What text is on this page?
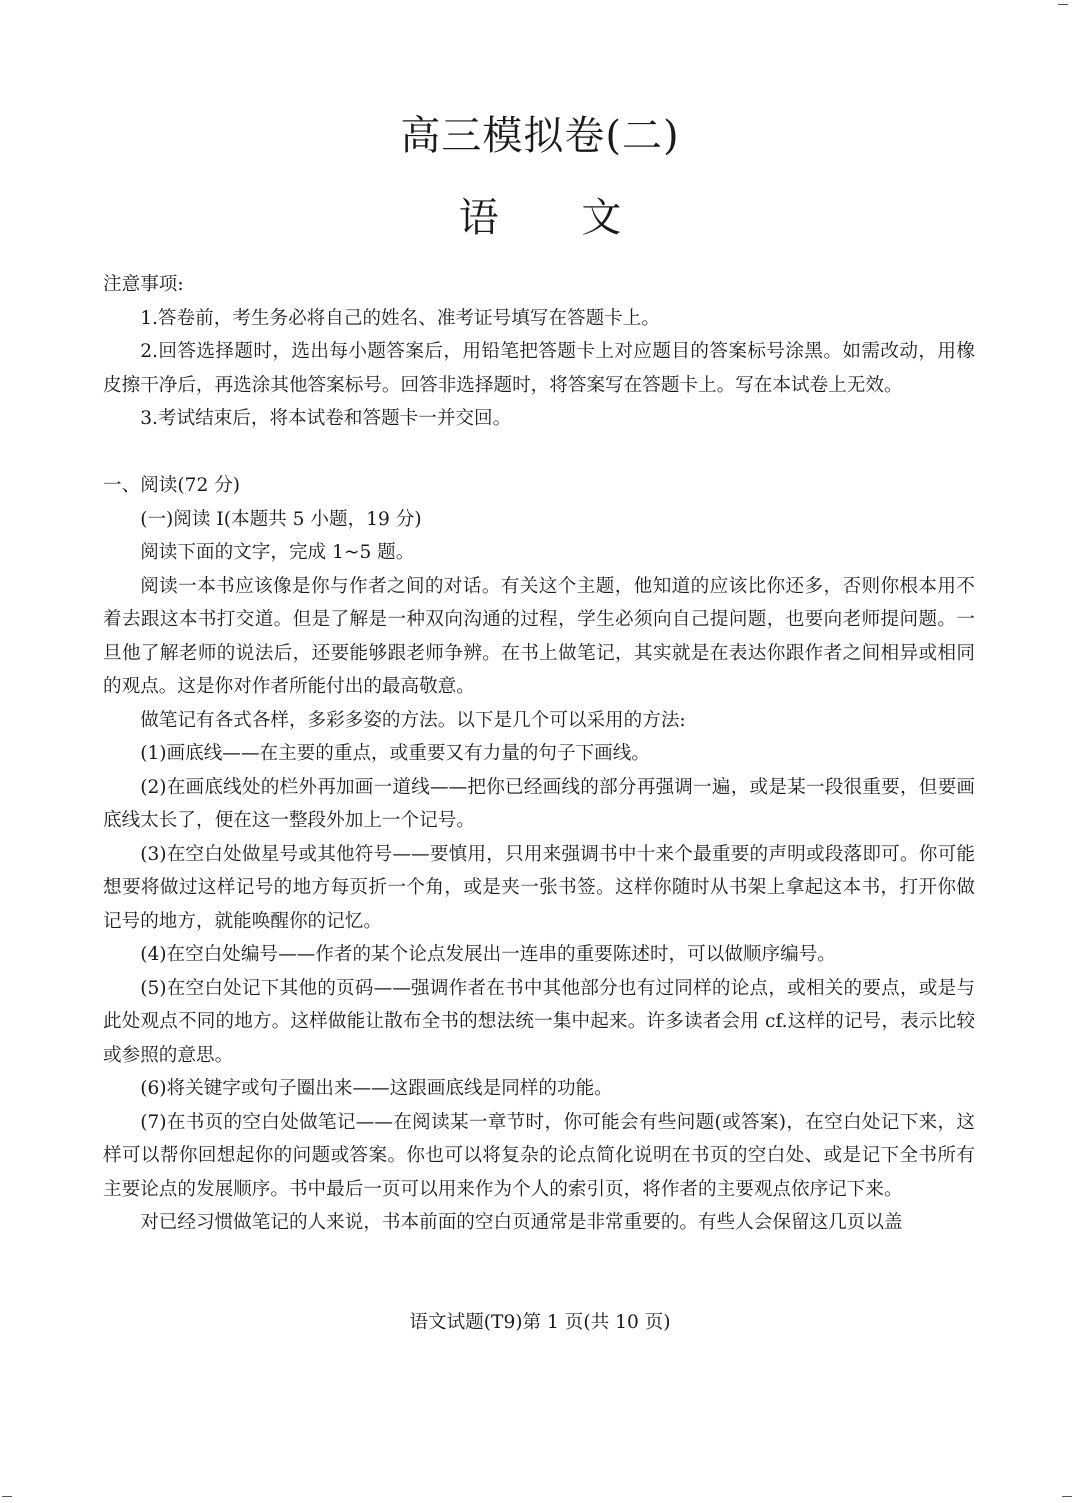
高三模拟卷(二)
语 文

注意事项:

1.答卷前，考生务必将自己的姓名、准考证号填写在答题卡上。

2.回答选择题时，选出每小题答案后，用铅笔把答题卡上对应题目的答案标号涂黑。如需改动，用橡皮擦干净后，再选涂其他答案标号。回答非选择题时，将答案写在答题卡上。写在本试卷上无效。

3.考试结束后，将本试卷和答题卡一并交回。

一、阅读(72 分)

(一)阅读 I(本题共 5 小题，19 分)

阅读下面的文字，完成 1~5 题。

阅读一本书应该像是你与作者之间的对话。有关这个主题，他知道的应该比你还多，否则你根本用不着去跟这本书打交道。但是了解是一种双向沟通的过程，学生必须向自己提问题，也要向老师提问题。一旦他了解老师的说法后，还要能够跟老师争辨。在书上做笔记，其实就是在表达你跟作者之间相异或相同的观点。这是你对作者所能付出的最高敬意。

做笔记有各式各样，多彩多姿的方法。以下是几个可以采用的方法:

(1)画底线——在主要的重点，或重要又有力量的句子下画线。

(2)在画底线处的栏外再加画一道线——把你已经画线的部分再强调一遍，或是某一段很重要，但要画底线太长了，便在这一整段外加上一个记号。

(3)在空白处做星号或其他符号——要慎用，只用来强调书中十来个最重要的声明或段落即可。你可能想要将做过这样记号的地方每页折一个角，或是夹一张书签。这样你随时从书架上拿起这本书，打开你做记号的地方，就能唤醒你的记忆。

(4)在空白处编号——作者的某个论点发展出一连串的重要陈述时，可以做顺序编号。

(5)在空白处记下其他的页码——强调作者在书中其他部分也有过同样的论点，或相关的要点，或是与此处观点不同的地方。这样做能让散布全书的想法统一集中起来。许多读者会用 cf.这样的记号，表示比较或参照的意思。

(6)将关键字或句子圈出来——这跟画底线是同样的功能。

(7)在书页的空白处做笔记——在阅读某一章节时，你可能会有些问题(或答案)，在空白处记下来，这样可以帮你回想起你的问题或答案。你也可以将复杂的论点简化说明在书页的空白处、或是记下全书所有主要论点的发展顺序。书中最后一页可以用来作为个人的索引页，将作者的主要观点依序记下来。

对已经习惯做笔记的人来说，书本前面的空白页通常是非常重要的。有些人会保留这几页以盖

语文试题(T9)第 1 页(共 10 页)
